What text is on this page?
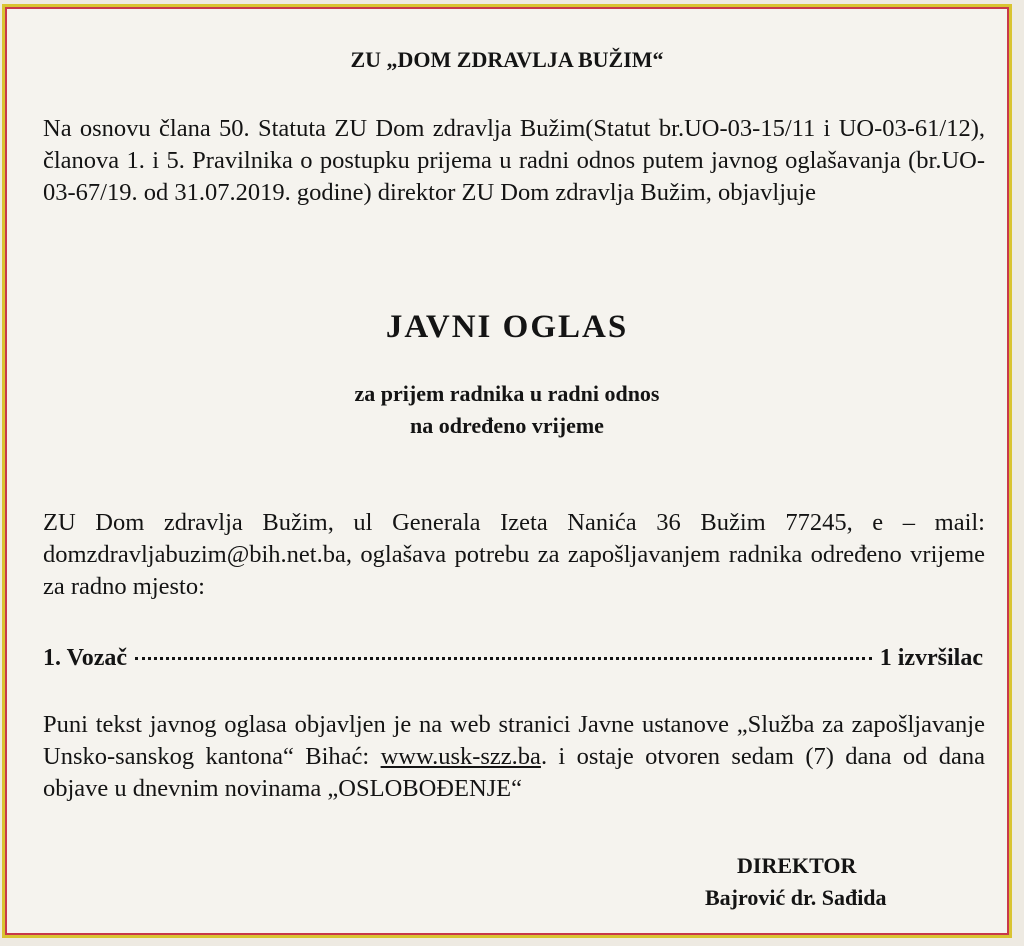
ZU „DOM ZDRAVLJA BUŽIM“
Na osnovu člana 50. Statuta ZU Dom zdravlja Bužim(Statut br.UO-03-15/11 i UO-03-61/12), članova 1. i 5. Pravilnika o postupku prijema u radni odnos putem javnog oglašavanja (br.UO-03-67/19. od 31.07.2019. godine) direktor ZU Dom zdravlja Bužim, objavljuje
JAVNI OGLAS
za prijem radnika u radni odnos
na određeno vrijeme
ZU Dom zdravlja Bužim, ul Generala Izeta Nanića 36 Bužim 77245, e – mail: domzdravljabuzim@bih.net.ba, oglašava potrebu za zapošljavanjem radnika određeno vrijeme za radno mjesto:
1. Vozač	1 izvršilac
Puni tekst javnog oglasa objavljen je na web stranici Javne ustanove „Služba za zapošljavanje Unsko-sanskog kantona“ Bihać: www.usk-szz.ba. i ostaje otvoren sedam (7) dana od dana objave u dnevnim novinama „OSLOBOĐENJE“
DIREKTOR
Bajrović dr. Sađida
